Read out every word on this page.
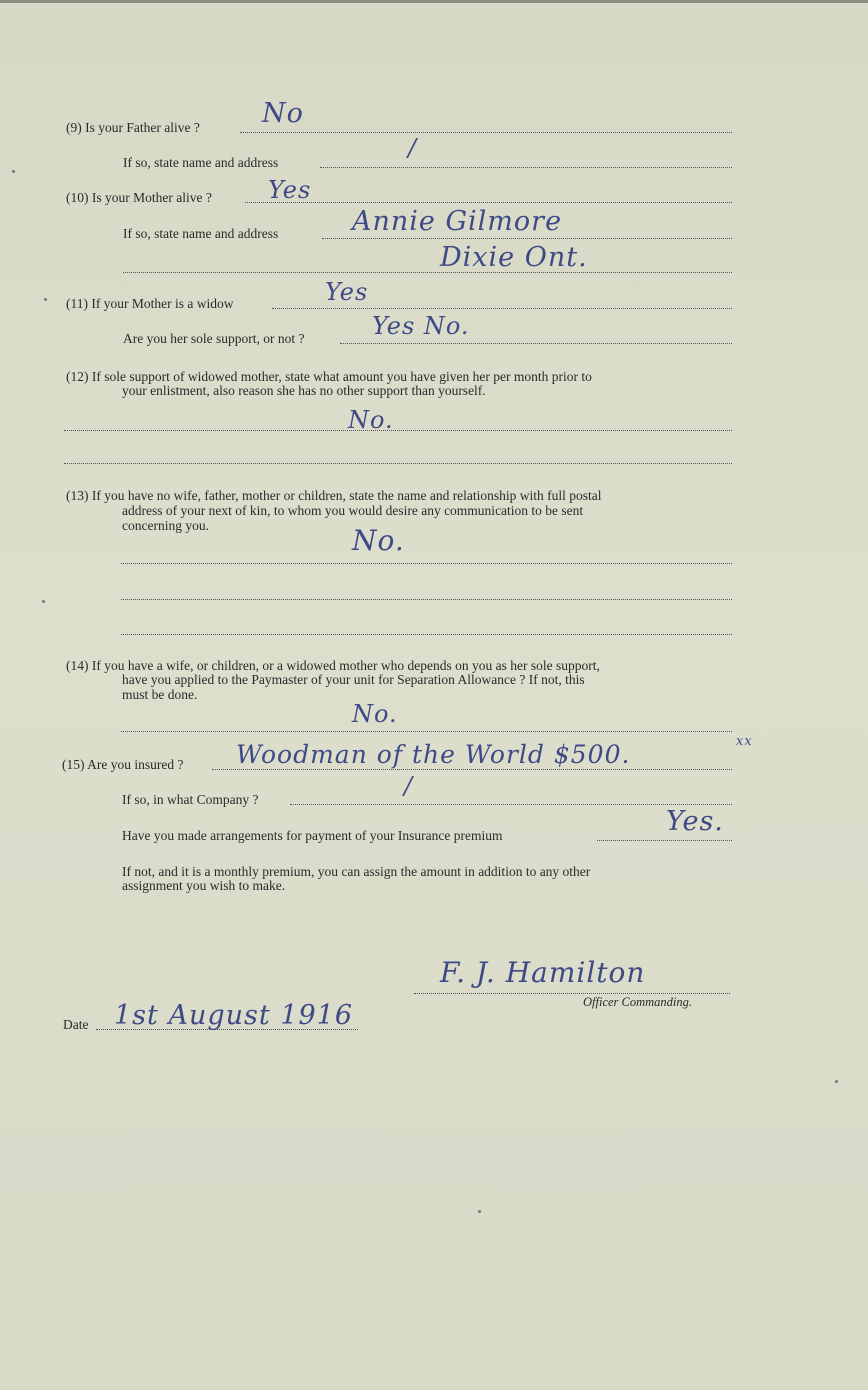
(9) Is your Father alive ? No
If so, state name and address
/
(10) Is your Mother alive ? Yes
If so, state name and address	Annie Gilmore
Dixie Ont.
(11) If your Mother is a widow	Yes
Are you her sole support, or not ?	Yes No.
(12) If sole support of widowed mother, state what amount you have given her per month prior to
your enlistment, also reason she has no other support than yourself.
No.
(13) If you have no wife, father, mother or children, state the name and relationship with full postal
address of your next of kin, to whom you would desire any communication to be sent
concerning you.	No.
(14) If you have a wife, or children, or a widowed mother who depends on you as her sole support,
have you applied to the Paymaster of your unit for Separation Allowance ? If not, this
must be done.
No.
(15) Are you insured ? Woodman of the World $500.	xx
If so, in what Company ?	/
Have you made arrangements for payment of your Insurance premium	Yes.
If not, and it is a monthly premium, you can assign the amount in addition to any other
assignment you wish to make.
F. J. Hamilton
Officer Commanding.
Date 1st August 1916
